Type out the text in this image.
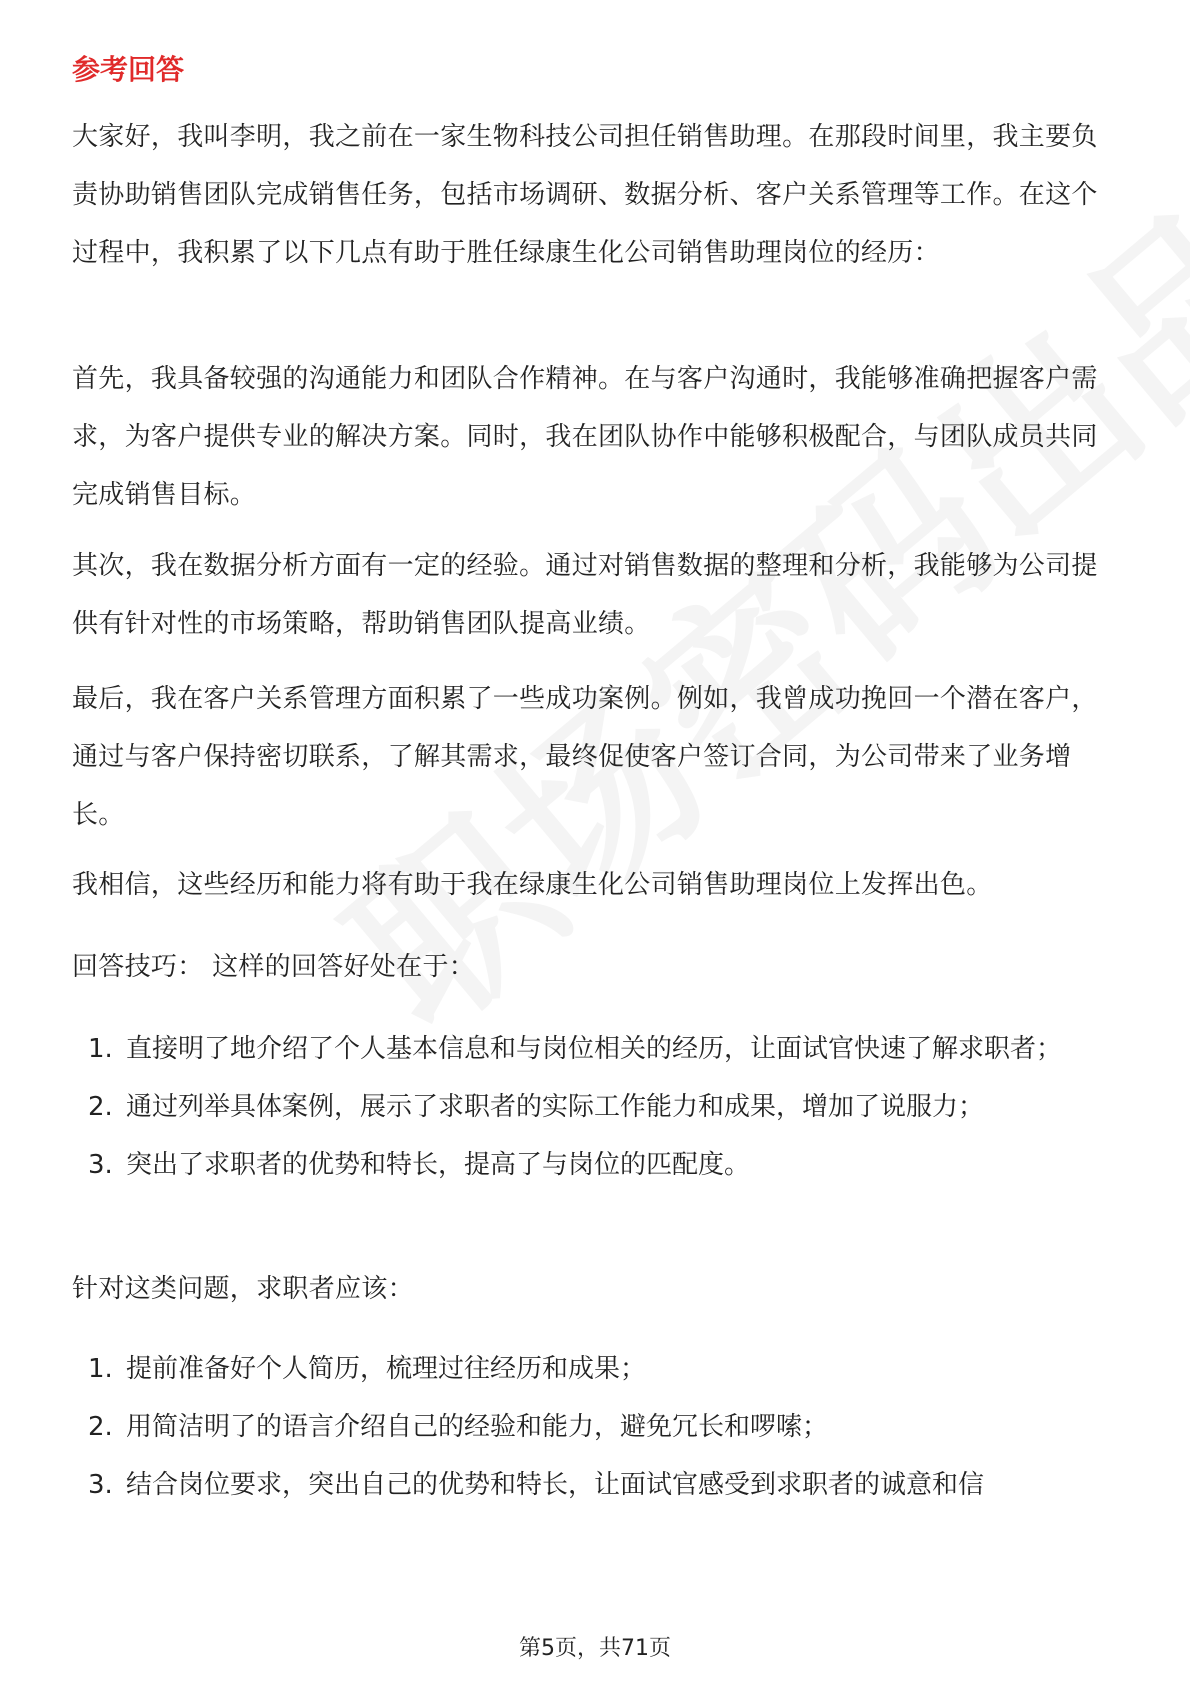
参考回答

大家好，我叫李明，我之前在一家生物科技公司担任销售助理。在那段时间里，我主要负责协助销售团队完成销售任务，包括市场调研、数据分析、客户关系管理等工作。在这个过程中，我积累了以下几点有助于胜任绿康生化公司销售助理岗位的经历：

首先，我具备较强的沟通能力和团队合作精神。在与客户沟通时，我能够准确把握客户需求，为客户提供专业的解决方案。同时，我在团队协作中能够积极配合，与团队成员共同完成销售目标。

其次，我在数据分析方面有一定的经验。通过对销售数据的整理和分析，我能够为公司提供有针对性的市场策略，帮助销售团队提高业绩。

最后，我在客户关系管理方面积累了一些成功案例。例如，我曾成功挽回一个潜在客户，通过与客户保持密切联系，了解其需求，最终促使客户签订合同，为公司带来了业务增长。

我相信，这些经历和能力将有助于我在绿康生化公司销售助理岗位上发挥出色。

回答技巧： 这样的回答好处在于：

1. 直接明了地介绍了个人基本信息和与岗位相关的经历，让面试官快速了解求职者；
2. 通过列举具体案例，展示了求职者的实际工作能力和成果，增加了说服力；
3. 突出了求职者的优势和特长，提高了与岗位的匹配度。

针对这类问题，求职者应该：

1. 提前准备好个人简历，梳理过往经历和成果；
2. 用简洁明了的语言介绍自己的经验和能力，避免冗长和啰嗦；
3. 结合岗位要求，突出自己的优势和特长，让面试官感受到求职者的诚意和信
第5页，共71页
